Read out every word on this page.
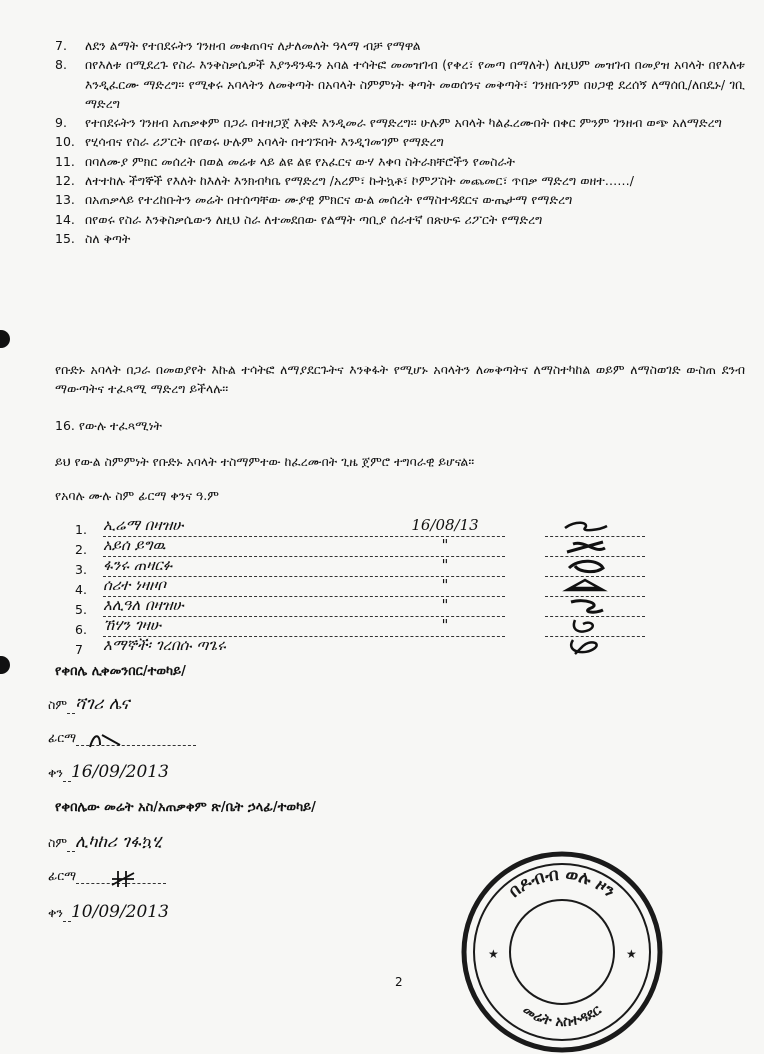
7.	ለደን ልማት የተበደሩትን ገንዘብ መቁጠባና ለታለመለት ዓላማ ብቻ የማዋል
8.	በየእለቱ በሚደረጉ የስራ እንቅስቃሴዎች እያንዳንዱን አባል ተሳትፎ መመዝገብ (የቀረ፣ የመጣ በማለት) ለዚህም መዝገብ በመያዝ አባላት በየእለቱ እንዲፈርሙ ማድረግ፡፡ የሚቀሩ አባላትን ለመቅጣት በአባላት ስምምነት ቅጣት መወሰንና መቅጣት፣ ገንዘቡንም በሀጋዊ ደረሰኝ ለማሰቢ/ለበዴኑ/ ገቢ ማድረግ
9.	የተበደሩትን ገንዘብ አጠቃቀም በጋራ በተዘጋጀ እቅድ እንዲመራ የማድረግ፡፡ ሁሉም አባላት ካልፈረሙበት በቀር ምንም ገንዘብ ወጭ አለማድረግ
10. የሂሳብና የስራ ሪፖርት በየወሩ ሁሉም አባላት በተገኙበት እንዲገመገም የማድረግ
11. በባለሙያ ምክር መሰረት በወል መሬቱ ላይ ልዩ ልዩ የአፈርና ውሃ እቀባ ስትራክቸሮችን የመስራት
12. ለተተከሉ ችግኞች የእለት ከእለት እንክብካቤ የማድረግ /አረም፣ ኩትኳቶ፣ ኮምፖስት መጨመር፣ ጥበቃ ማድረግ ወዘተ……/
13. በአጠቃላይ የተረከቡትን መሬት በተሰጣቸው ሙያዊ ምክርና ውል መሰረት የማስተዳደርና ውጤታማ የማድረግ
14. በየወሩ የስራ እንቅስቃሴውን ለዚህ ስራ ለተመደበው የልማት ጣቢያ ሰራተኛ በጽሁፍ ሪፖርት የማድረግ
15. ስለ ቅጣት
የቡድኑ አባላት በጋራ በመወያየት እኩል ተሳትፎ ለማያደርጉትና እንቅፋት የሚሆኑ አባላትን ለመቅጣትና ለማስተካከል ወይም ለማስወገድ ውስጠ ደንብ ማውጣትና ተፈጻሚ ማድረግ ይችላሉ፡፡
16. የውሉ ተፈጻሚነት
ይህ የውል ስምምነት የቡድኑ አባላት ተስማምተው ከፈረሙበት ጊዜ ጀምሮ ተግባራዊ ይሆናል፡፡
የአባሉ ሙሉ ስም ፊርማ ቀንና ዓ.ም
1. ኢሬማ በዛዝሁ	16/08/13
2. አይሰ ይግዉ	"
3. ፋንሩ ጠዛርፉ	"
4. ሰሪተ ነዛዞቦ	"
5. እሊዓለ በዛዝሁ	"
6. ኸሃን ገዛሁ	"
7 እማኞች፡ ገረበሱ ጣጌሩ
የቀበሌ ሊቀመንበር/ተወካይ/
ስም ሻገሪ ሌና
ፊርማ
ቀን 16/09/2013
የቀበሌው መሬት አስ/አጠቃቀም ጽ/ቤት ኃላፊ/ተወካይ/
ስም ሊካከሪ ገፋኳሂ
ፊርማ
ቀን 10/09/2013
2
በዶብብ ወሉ ዞን
መሬት አስተዳደር
★	★
